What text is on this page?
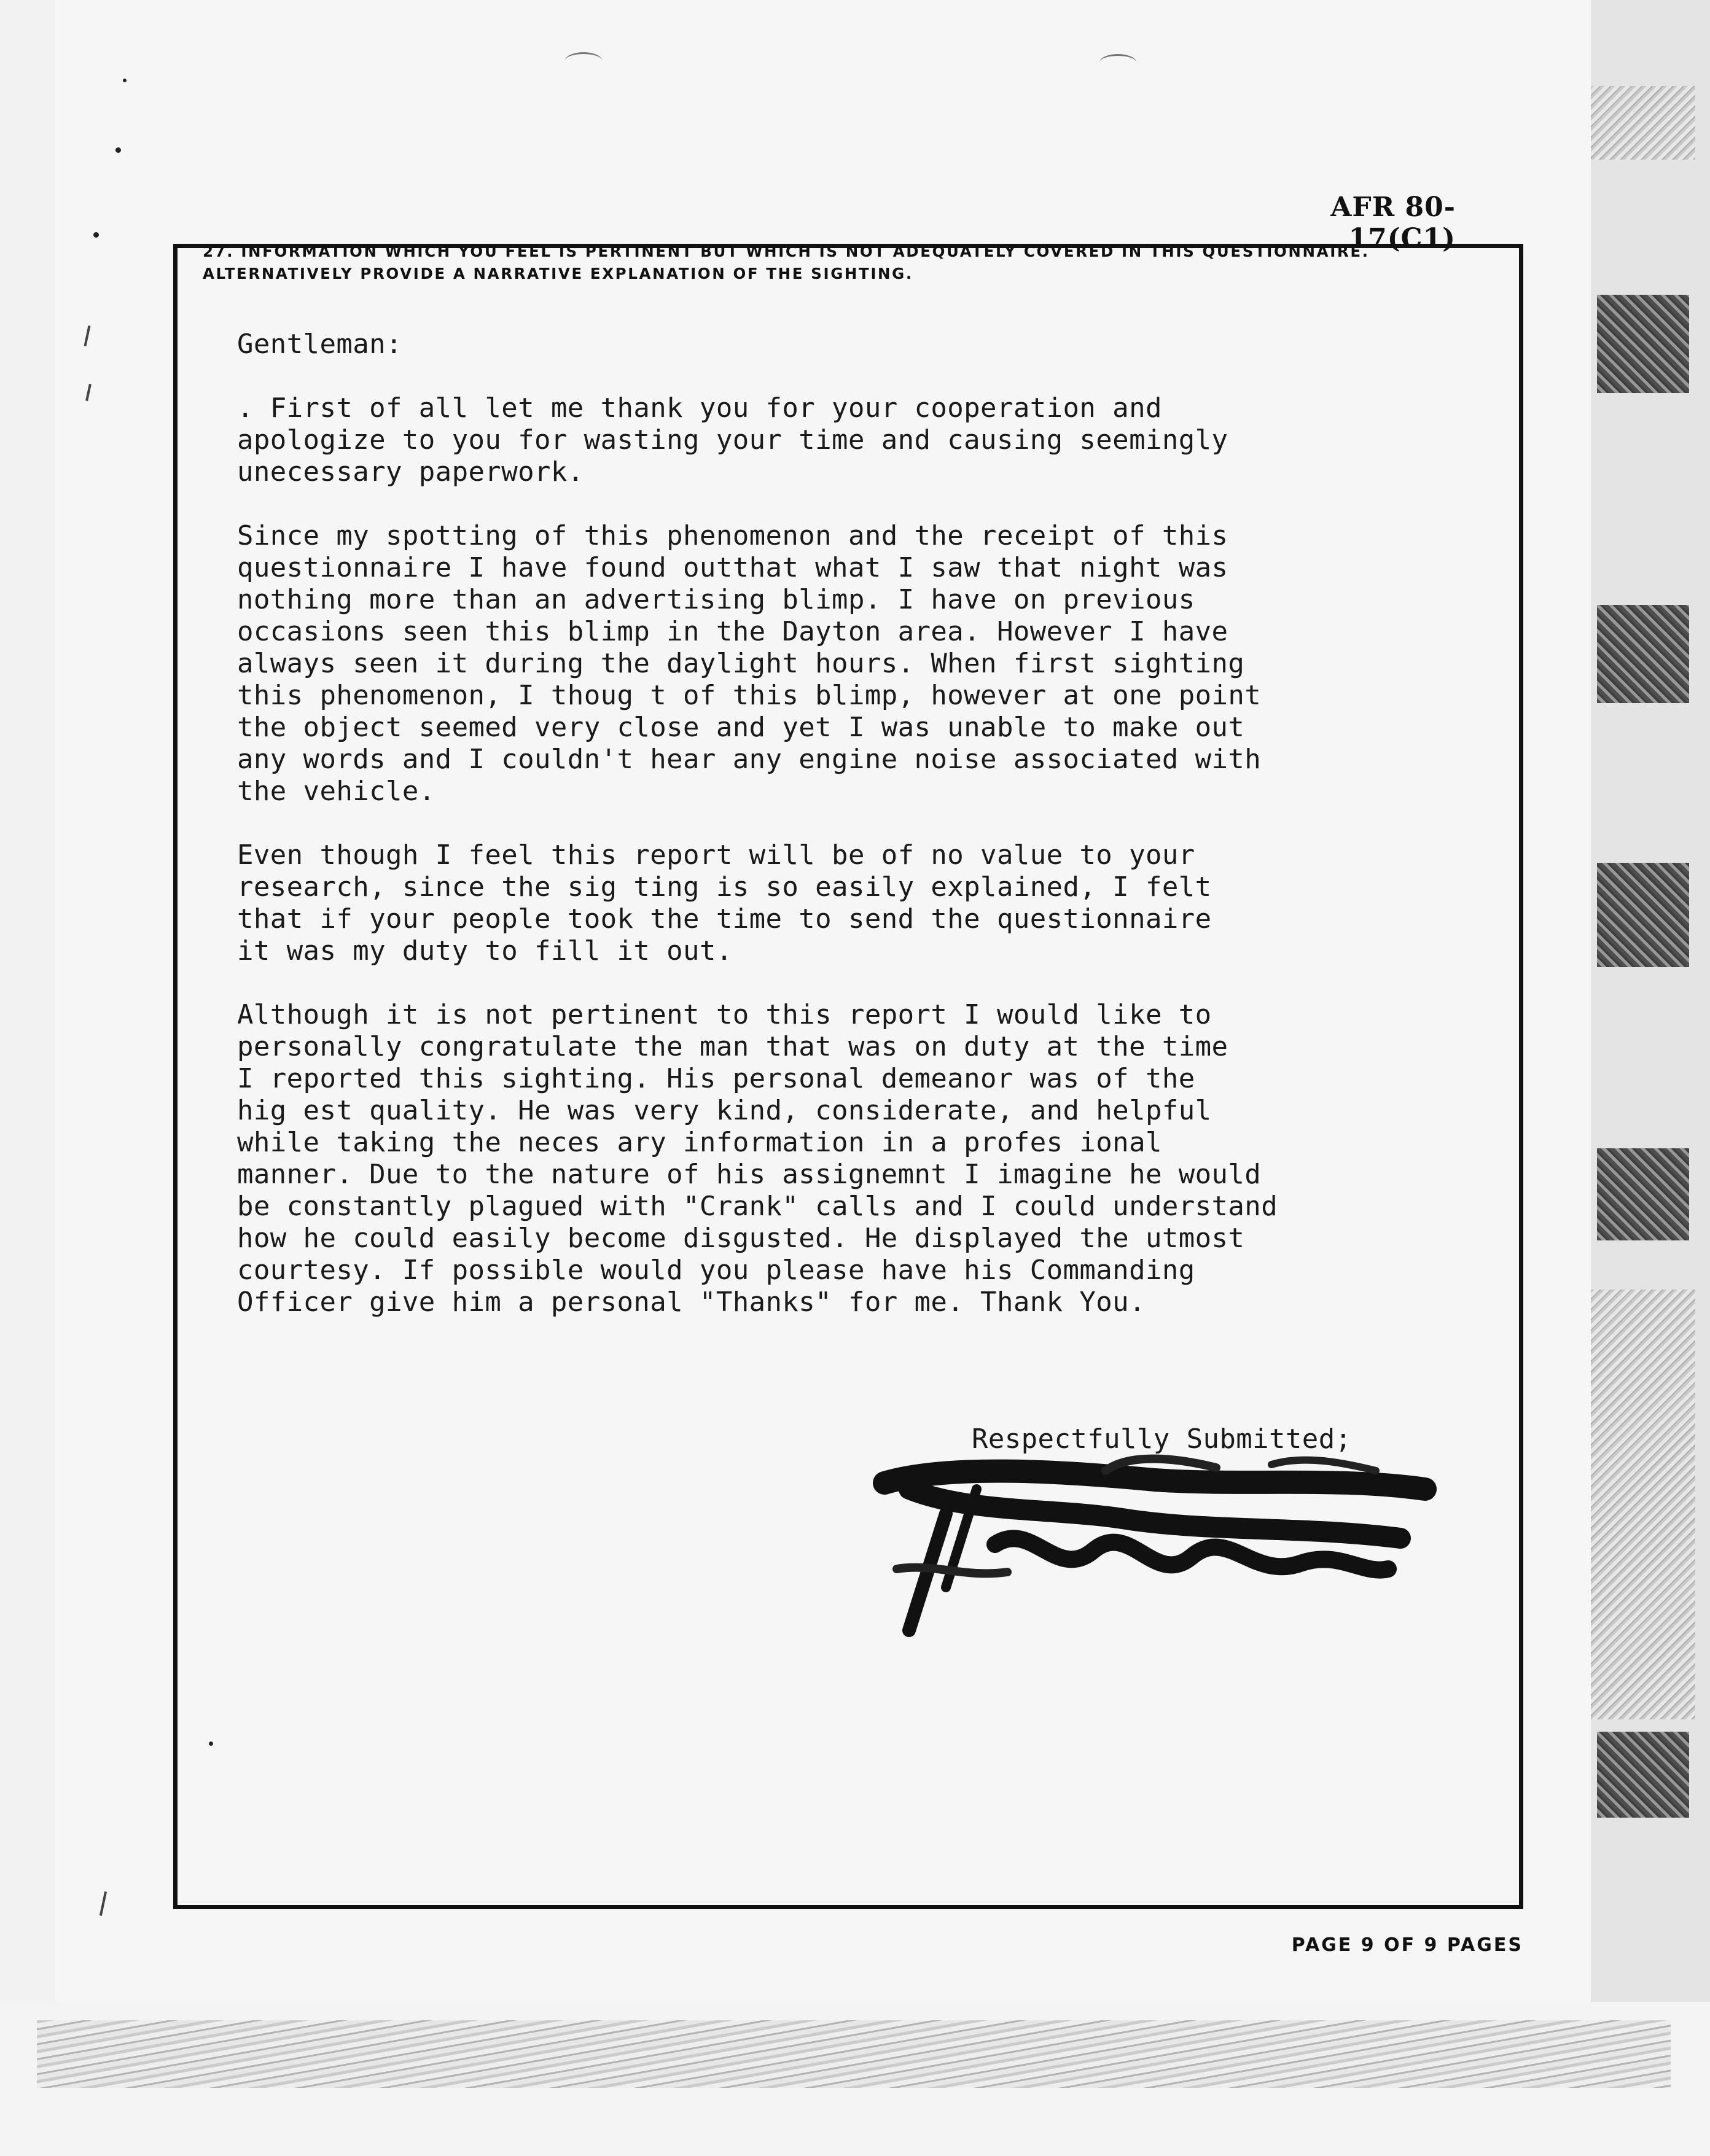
AFR 80-17(C1)
27. INFORMATION WHICH YOU FEEL IS PERTINENT BUT WHICH IS NOT ADEQUATELY COVERED IN THIS QUESTIONNAIRE.
ALTERNATIVELY PROVIDE A NARRATIVE EXPLANATION OF THE SIGHTING.

Gentleman:

. First of all let me thank you for your cooperation and
apologize to you for wasting your time and causing seemingly
unecessary paperwork.

Since my spotting of this phenomenon and the receipt of this
questionnaire I have found outthat what I saw that night was
nothing more than an advertising blimp. I have on previous
occasions seen this blimp in the Dayton area. However I have
always seen it during the daylight hours. When first sighting
this phenomenon, I thoug t of this blimp, however at one point
the object seemed very close and yet I was unable to make out
any words and I couldn't hear any engine noise associated with
the vehicle.

Even though I feel this report will be of no value to your
research, since the sig ting is so easily explained, I felt
that if your people took the time to send the questionnaire
it was my duty to fill it out.

Although it is not pertinent to this report I would like to
personally congratulate the man that was on duty at the time
I reported this sighting. His personal demeanor was of the
hig est quality. He was very kind, considerate, and helpful
while taking the neces ary information in a profes ional
manner. Due to the nature of his assignemnt I imagine he would
be constantly plagued with "Crank" calls and I could understand
how he could easily become disgusted. He displayed the utmost
courtesy. If possible would you please have his Commanding
Officer give him a personal "Thanks" for me. Thank You.

Respectfully Submitted;
PAGE 9 OF 9 PAGES
